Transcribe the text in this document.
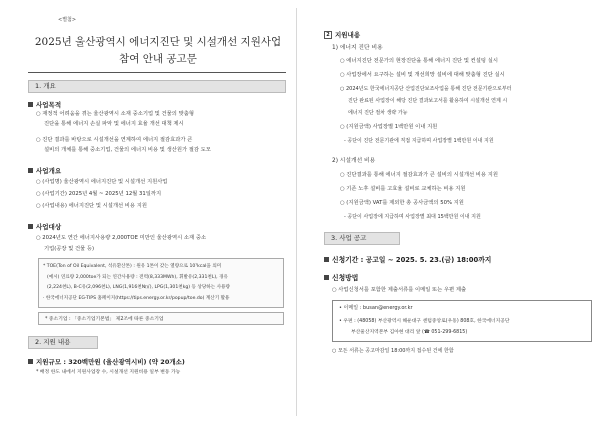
<별첨>
2025년 울산광역시 에너지진단 및 시설개선 지원사업
참여 안내 공고문
1. 개요
사업목적
○ 재정적 어려움을 겪는 울산광역시 소재 중소기업 및 건물의 맞춤형
진단을 통해 에너지 손실 파악 및 에너지 효율 개선 대책 제시
○ 진단 결과를 바탕으로 시설개선을 연계하여 에너지 절감효과가 큰
설비의 개체를 통해 중소기업, 건물의 에너지 비용 및 생산원가 절감 도모
사업개요
○ (사업명) 울산광역시 에너지진단 및 시설개선 지원사업
○ (사업기간) 2025년 4월 ~ 2025년 12월 31일까지
○ (사업내용) 에너지진단 및 시설개선 비용 지원
사업대상
○ 2024년도 연간 에너지사용량 2,000TOE 미만인 울산광역시 소재 중소
기업(공장 및 건물 등)
* TOE(Ton of Oil Equivalent, 석유환산톤) : 원유 1톤이 갖는 열량으로 10⁷kcal을 의미
(예시) 연료량 2,000toe가 되는 연간사용량 : 전력(8,333MWh), 휘발유(2,331천L), 경유
(2,224천L), B-C유(2,096천L), LNG(1,916천N㎥), LPG(1,301천kg) 등 상당하는 사용량
· 한국에너지공단 EG-TIPS 홈페이지(https://tips.energy.or.kr/popup/toe.do) 계산기 활용
* 중소기업 : 「중소기업기본법」 제2조에 따른 중소기업
2. 지원 내용
지원규모 : 320백만원 (울산광역시비) (약 20개소)
* 배정 한도 내에서 지원사업장 수, 시설개선 지원비용 일부 변동 가능
2 지원내용
1) 에너지 진단 비용
○ 에너지진단 전문가의 현장진단을 통해 에너지 진단 및 컨설팅 실시
○ 사업장에서 요구하는 설비 및 개선희망 설비에 대해 맞춤형 진단 실시
○ 2024년도 한국에너지공단 산업진단보조사업을 통해 진단 전문기관으로부터
진단 완료된 사업장이 해당 진단 결과보고서를 활용하여 시설개선 연계 시
에너지 진단 절차 생략 가능
○ (지원금액) 사업장별 1백만원 이내 지원
- 공단이 진단 전문기관에 직접 지급하며 사업장별 1백만원 이내 지원
2) 시설개선 비용
○ 진단결과를 통해 에너지 절감효과가 큰 설비의 시설개선 비용 지원
○ 기존 노후 설비를 고효율 설비로 교체하는 비용 지원
○ (지원금액) VAT를 제외한 총 공사금액의 50% 지원
- 공단이 사업장에 지급하며 사업장별 최대 15백만원 이내 지원
3. 사업 공고
신청기간 : 공고일 ~ 2025. 5. 23.(금) 18:00까지
신청방법
○ 사업신청서를 포함한 제출서류를 이메일 또는 우편 제출
• 이메일 : busan@energy.or.kr
• 우편 : (48058) 부산광역시 해운대구 센텀중앙로(우동) 808호, 한국에너지공단
부산울산지역본부 김아현 대리 앞 (☎ 051-299-6815)
○ 모든 서류는 공고마감일 18:00까지 접수된 건에 한함
